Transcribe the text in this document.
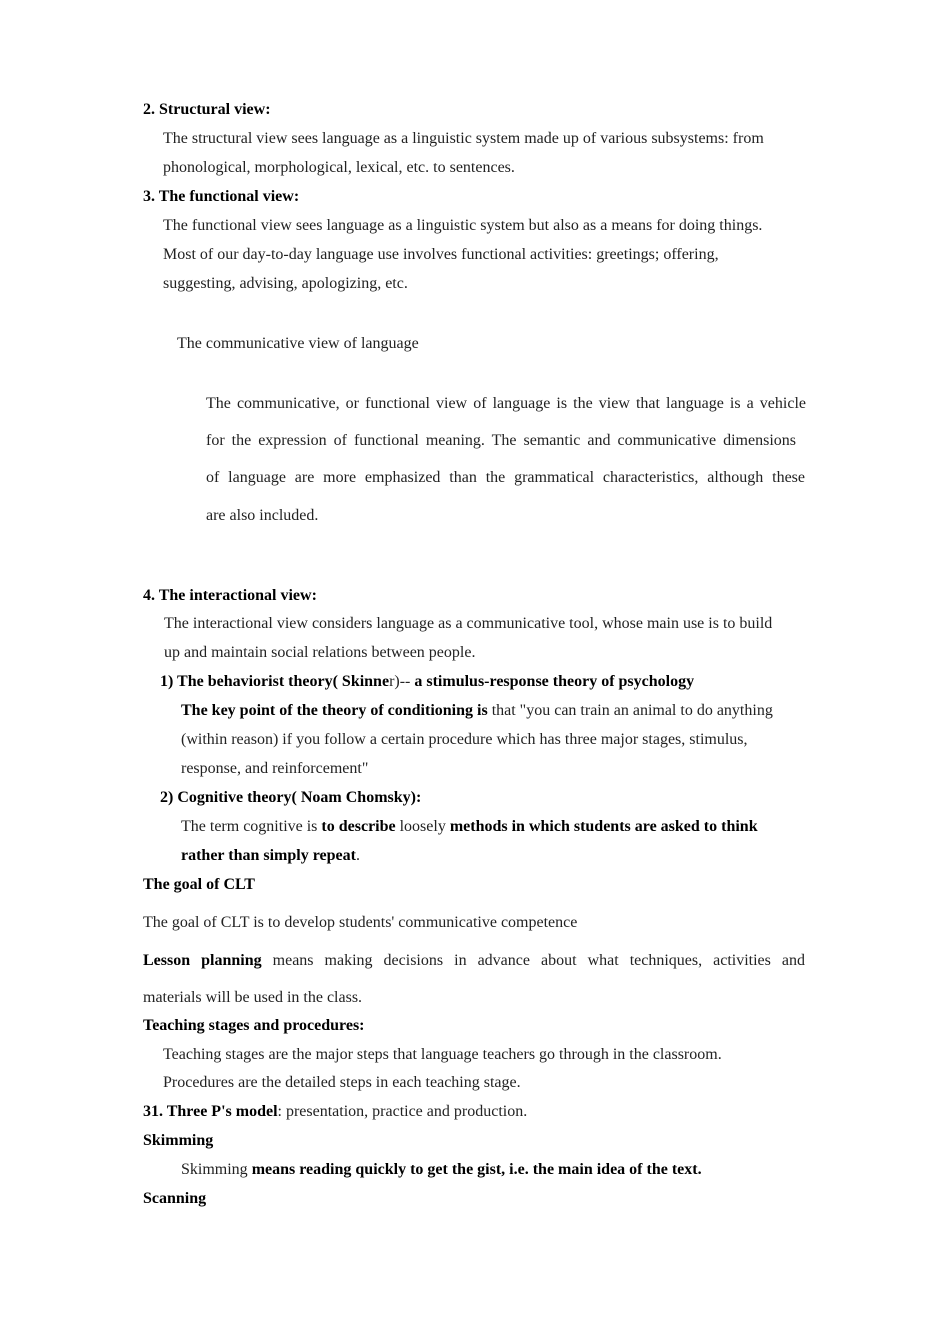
2. Structural view:
The structural view sees language as a linguistic system made up of various subsystems: from
phonological, morphological, lexical, etc. to sentences.
3. The functional view:
The functional view sees language as a linguistic system but also as a means for doing things.
Most of our day-to-day language use involves functional activities: greetings; offering,
suggesting, advising, apologizing, etc.
The communicative view of language
The communicative, or functional view of language is the view that language is a vehicle
for the expression of functional meaning. The semantic and communicative dimensions
of language are more emphasized than the grammatical characteristics, although these
are also included.
4. The interactional view:
The interactional view considers language as a communicative tool, whose main use is to build
up and maintain social relations between people.
1) The behaviorist theory( Skinner)-- a stimulus-response theory of psychology
The key point of the theory of conditioning is that "you can train an animal to do anything
(within reason) if you follow a certain procedure which has three major stages, stimulus,
response, and reinforcement"
2) Cognitive theory( Noam Chomsky):
The term cognitive is to describe loosely methods in which students are asked to think
rather than simply repeat.
The goal of CLT
The goal of CLT is to develop students' communicative competence
Lesson planning means making decisions in advance about what techniques, activities and
materials will be used in the class.
Teaching stages and procedures:
Teaching stages are the major steps that language teachers go through in the classroom.
Procedures are the detailed steps in each teaching stage.
31. Three P's model: presentation, practice and production.
Skimming
Skimming means reading quickly to get the gist, i.e. the main idea of the text.
Scanning
